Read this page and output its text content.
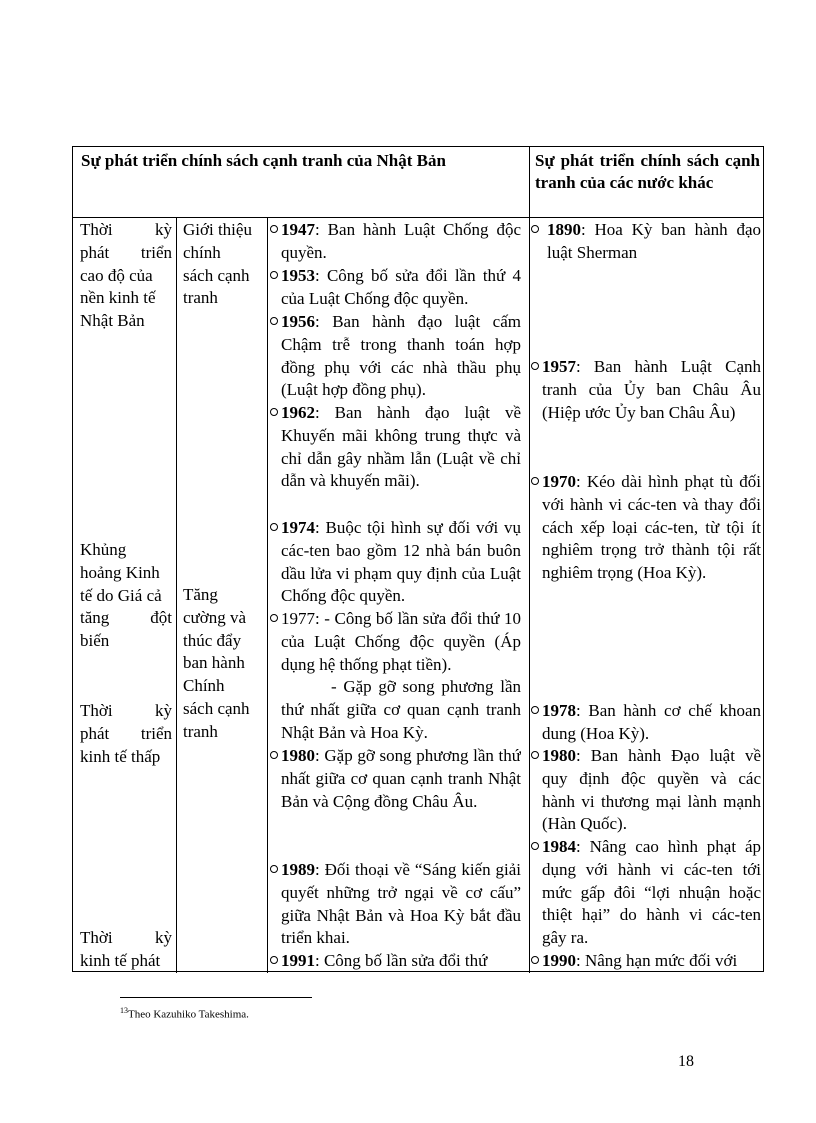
Sự phát triển chính sách cạnh tranh của Nhật Bản	Sự phát triển chính sách cạnh tranh của các nước khác
Thời kỳ
phát triển
cao độ của
nền kinh tế
Nhật Bản
Khủng
hoảng Kinh
tế do Giá cả
tăng đột
biến
Thời kỳ
phát triển
kinh tế thấp
Thời kỳ
kinh tế phát
Giới thiệu
chính
sách cạnh
tranh
Tăng
cường và
thúc đẩy
ban hành
Chính
sách cạnh
tranh
1947: Ban hành Luật Chống độc quyền.
1953: Công bố sửa đổi lần thứ 4 của Luật Chống độc quyền.
1956: Ban hành đạo luật cấm Chậm trễ trong thanh toán hợp đồng phụ với các nhà thầu phụ (Luật hợp đồng phụ).
1962: Ban hành đạo luật về Khuyến mãi không trung thực và chỉ dẫn gây nhầm lẫn (Luật về chỉ dẫn và khuyến mãi).
1974: Buộc tội hình sự đối với vụ các-ten bao gồm 12 nhà bán buôn dầu lửa vi phạm quy định của Luật Chống độc quyền.
1977: - Công bố lần sửa đổi thứ 10 của Luật Chống độc quyền (Áp dụng hệ thống phạt tiền).
- Gặp gỡ song phương lần thứ nhất giữa cơ quan cạnh tranh Nhật Bản và Hoa Kỳ.
1980: Gặp gỡ song phương lần thứ nhất giữa cơ quan cạnh tranh Nhật Bản và Cộng đồng Châu Âu.
1989: Đối thoại về “Sáng kiến giải quyết những trở ngại về cơ cấu” giữa Nhật Bản và Hoa Kỳ bắt đầu triển khai.
1991: Công bố lần sửa đổi thứ
1890: Hoa Kỳ ban hành đạo luật Sherman
1957: Ban hành Luật Cạnh tranh của Ủy ban Châu Âu (Hiệp ước Ủy ban Châu Âu)
1970: Kéo dài hình phạt tù đối với hành vi các-ten và thay đổi cách xếp loại các-ten, từ tội ít nghiêm trọng trở thành tội rất nghiêm trọng (Hoa Kỳ).
1978: Ban hành cơ chế khoan dung (Hoa Kỳ).
1980: Ban hành Đạo luật về quy định độc quyền và các hành vi thương mại lành mạnh (Hàn Quốc).
1984: Nâng cao hình phạt áp dụng với hành vi các-ten tới mức gấp đôi “lợi nhuận hoặc thiệt hại” do hành vi các-ten gây ra.
1990: Nâng hạn mức đối với
$^{13}$Theo Kazuhiko Takeshima.
18
